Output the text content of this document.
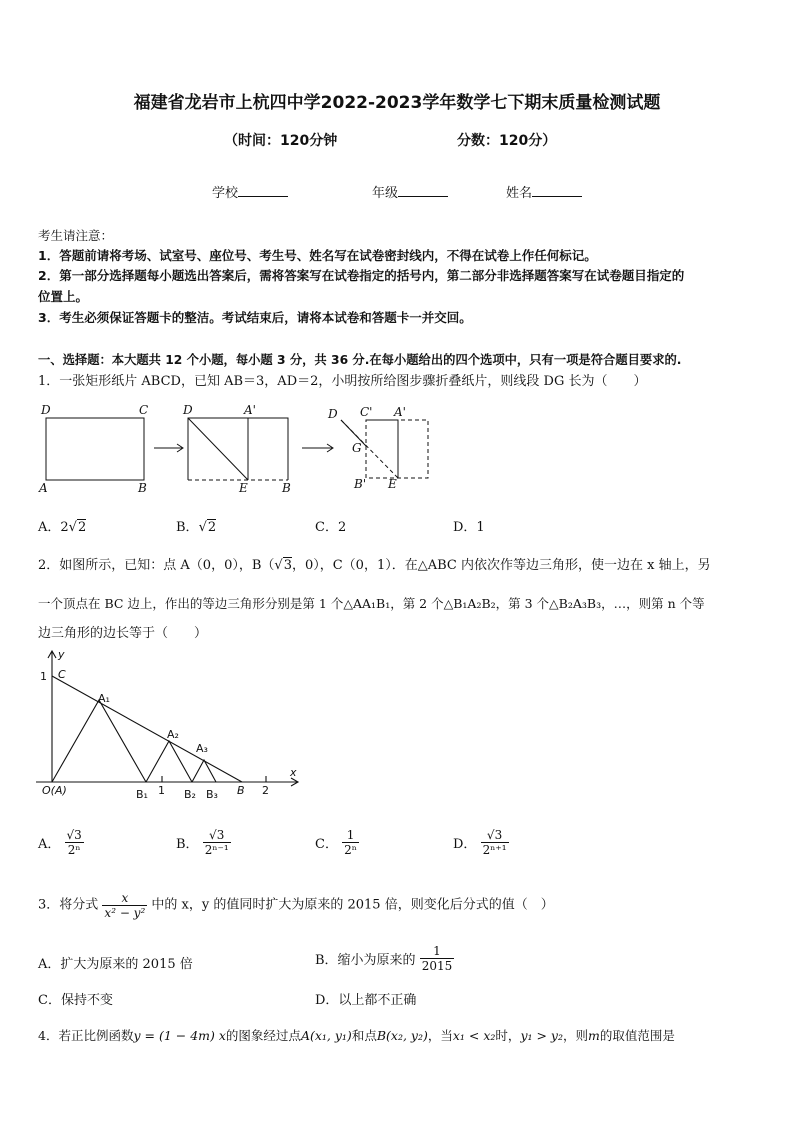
福建省龙岩市上杭四中学2022-2023学年数学七下期末质量检测试题
（时间：120分钟	分数：120分）
学校	年级	姓名
考生请注意：
1．答题前请将考场、试室号、座位号、考生号、姓名写在试卷密封线内，不得在试卷上作任何标记。
2．第一部分选择题每小题选出答案后，需将答案写在试卷指定的括号内，第二部分非选择题答案写在试卷题目指定的
位置上。
3．考生必须保证答题卡的整洁。考试结束后，请将本试卷和答题卡一并交回。
一、选择题：本大题共 12 个小题，每小题 3 分，共 36 分.在每小题给出的四个选项中，只有一项是符合题目要求的.
1．一张矩形纸片 ABCD，已知 AB＝3，AD＝2，小明按所给图步骤折叠纸片，则线段 DG 长为（　　）
D	C
A	B
D	A'
E	B
D C' A'
G
B' E
A．2√2	B．√2	C．2	D．1
2．如图所示，已知：点 A（0，0），B（√3，0），C（0，1）．在△ABC 内依次作等边三角形，使一边在 x 轴上，另
一个顶点在 BC 边上，作出的等边三角形分别是第 1 个△AA₁B₁，第 2 个△B₁A₂B₂，第 3 个△B₂A₃B₃，…，则第 n 个等
边三角形的边长等于（　　）
y
x
1 C
A₁
A₂
A₃
O(A)	B₁ 1 B₂ B₃ B 2
A． $\frac{√3}{\text{2ⁿ}}$	B． $\frac{√3}{\text{2ⁿ⁻¹}}$	C． $\frac{1}{\text{2ⁿ}}$	D． $\frac{√3}{\text{2ⁿ⁺¹}}$
3．将分式 $\frac{x}{\text{x² − y²}}$ 中的 x，y 的值同时扩大为原来的 2015 倍，则变化后分式的值（　）
A．扩大为原来的 2015 倍	B．缩小为原来的 $\frac{1}{2015}$
C．保持不变	D．以上都不正确
4．若正比例函数y = (1 − 4m) x的图象经过点A(x₁, y₁)和点B(x₂, y₂)，当x₁ < x₂时，y₁ > y₂，则m的取值范围是
